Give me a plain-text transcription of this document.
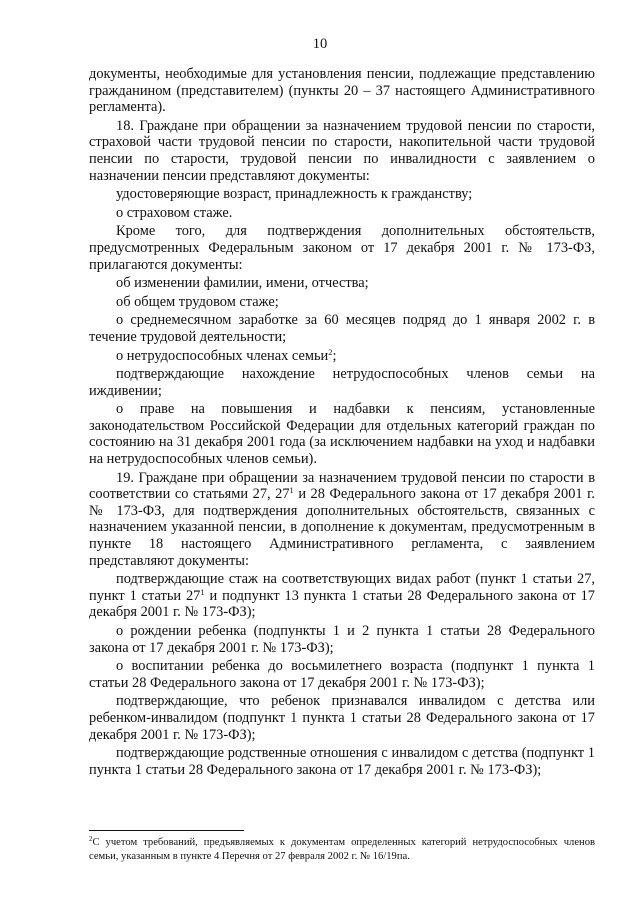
10

документы, необходимые для установления пенсии, подлежащие представлению гражданином (представителем) (пункты 20 – 37 настоящего Административного регламента).

18. Граждане при обращении за назначением трудовой пенсии по старости, страховой части трудовой пенсии по старости, накопительной части трудовой пенсии по старости, трудовой пенсии по инвалидности с заявлением о назначении пенсии представляют документы:

удостоверяющие возраст, принадлежность к гражданству;

о страховом стаже.

Кроме того, для подтверждения дополнительных обстоятельств, предусмотренных Федеральным законом от 17 декабря 2001 г. № 173-ФЗ, прилагаются документы:

об изменении фамилии, имени, отчества;

об общем трудовом стаже;

о среднемесячном заработке за 60 месяцев подряд до 1 января 2002 г. в течение трудовой деятельности;

о нетрудоспособных членах семьи$^2$;

подтверждающие нахождение нетрудоспособных членов семьи на иждивении;

о праве на повышения и надбавки к пенсиям, установленные законодательством Российской Федерации для отдельных категорий граждан по состоянию на 31 декабря 2001 года (за исключением надбавки на уход и надбавки на нетрудоспособных членов семьи).

19. Граждане при обращении за назначением трудовой пенсии по старости в соответствии со статьями 27, $27^1$ и 28 Федерального закона от 17 декабря 2001 г. № 173-ФЗ, для подтверждения дополнительных обстоятельств, связанных с назначением указанной пенсии, в дополнение к документам, предусмотренным в пункте 18 настоящего Административного регламента, с заявлением представляют документы:

подтверждающие стаж на соответствующих видах работ (пункт 1 статьи 27, пункт 1 статьи $27^1$ и подпункт 13 пункта 1 статьи 28 Федерального закона от 17 декабря 2001 г. № 173-ФЗ);

о рождении ребенка (подпункты 1 и 2 пункта 1 статьи 28 Федерального закона от 17 декабря 2001 г. № 173-ФЗ);

о воспитании ребенка до восьмилетнего возраста (подпункт 1 пункта 1 статьи 28 Федерального закона от 17 декабря 2001 г. № 173-ФЗ);

подтверждающие, что ребенок признавался инвалидом с детства или ребенком-инвалидом (подпункт 1 пункта 1 статьи 28 Федерального закона от 17 декабря 2001 г. № 173-ФЗ);

подтверждающие родственные отношения с инвалидом с детства (подпункт 1 пункта 1 статьи 28 Федерального закона от 17 декабря 2001 г. № 173-ФЗ);

$^2$С учетом требований, предъявляемых к документам определенных категорий нетрудоспособных членов семьи, указанным в пункте 4 Перечня от 27 февраля 2002 г. № 16/19па.
